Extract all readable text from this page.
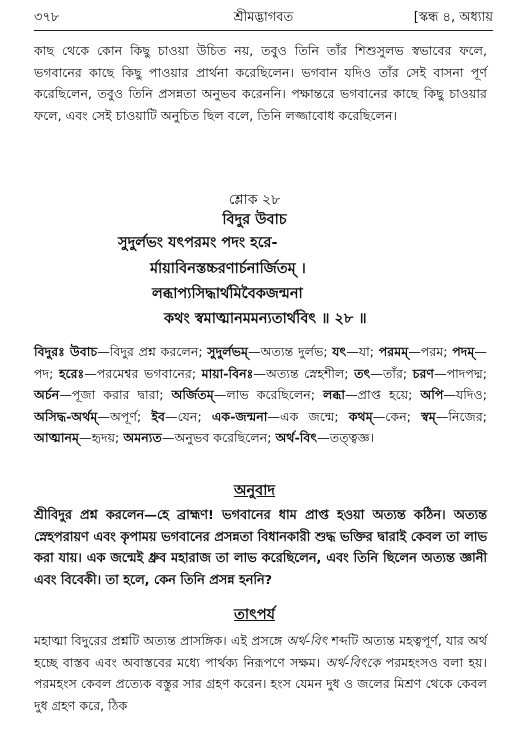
৩৭৮	শ্রীমদ্ভাগবত	[স্কন্ধ ৪, অধ্যায়

কাছ থেকে কোন কিছু চাওয়া উচিত নয়, তবুও তিনি তাঁর শিশুসুলভ স্বভাবের ফলে, ভগবানের কাছে কিছু পাওয়ার প্রার্থনা করেছিলেন। ভগবান যদিও তাঁর সেই বাসনা পূর্ণ করেছিলেন, তবুও তিনি প্রসন্নতা অনুভব করেননি। পক্ষান্তরে ভগবানের কাছে কিছু চাওয়ার ফলে, এবং সেই চাওয়াটি অনুচিত ছিল বলে, তিনি লজ্জাবোধ করেছিলেন।

শ্লোক ২৮
বিদুর উবাচ
সুদুর্লভং যৎপরমং পদং হরে-
র্মায়াবিনস্তচ্চরণার্চনার্জিতম্ ।
লব্ধাপ্যসিদ্ধার্থমিবৈকজন্মনা
কথং স্বমাত্মানমমন্যতার্থবিৎ ॥ ২৮ ॥

বিদুরঃ উবাচ—বিদুর প্রশ্ন করলেন; সুদুর্লভম্—অত্যন্ত দুর্লভ; যৎ—যা; পরমম্—পরম; পদম্—পদ; হরেঃ—পরমেশ্বর ভগবানের; মায়া-বিনঃ—অত্যন্ত স্নেহশীল; তৎ—তাঁর; চরণ—পাদপদ্ম; অর্চন—পূজা করার দ্বারা; অর্জিতম্—লাভ করেছিলেন; লব্ধা—প্রাপ্ত হয়ে; অপি—যদিও; অসিদ্ধ-অর্থম্—অপূর্ণ; ইব—যেন; এক-জন্মনা—এক জন্মে; কথম্—কেন; স্বম্—নিজের; আত্মানম্—হৃদয়; অমন্যত—অনুভব করেছিলেন; অর্থ-বিৎ—তত্ত্বজ্ঞ।

অনুবাদ

শ্রীবিদুর প্রশ্ন করলেন—হে ব্রাহ্মণ! ভগবানের ধাম প্রাপ্ত হওয়া অত্যন্ত কঠিন। অত্যন্ত স্নেহপরায়ণ এবং কৃপাময় ভগবানের প্রসন্নতা বিধানকারী শুদ্ধ ভক্তির দ্বারাই কেবল তা লাভ করা যায়। এক জন্মেই ধ্রুব মহারাজ তা লাভ করেছিলেন, এবং তিনি ছিলেন অত্যন্ত জ্ঞানী এবং বিবেকী। তা হলে, কেন তিনি প্রসন্ন হননি?

তাৎপর্য

মহাত্মা বিদুরের প্রশ্নটি অত্যন্ত প্রাসঙ্গিক। এই প্রসঙ্গে অর্থ-বিৎ শব্দটি অত্যন্ত মহত্বপূর্ণ, যার অর্থ হচ্ছে বাস্তব এবং অবাস্তবের মধ্যে পার্থক্য নিরূপণে সক্ষম। অর্থ-বিৎকে পরমহংসও বলা হয়। পরমহংস কেবল প্রত্যেক বস্তুর সার গ্রহণ করেন। হংস যেমন দুধ ও জলের মিশ্রণ থেকে কেবল দুধ গ্রহণ করে, ঠিক
